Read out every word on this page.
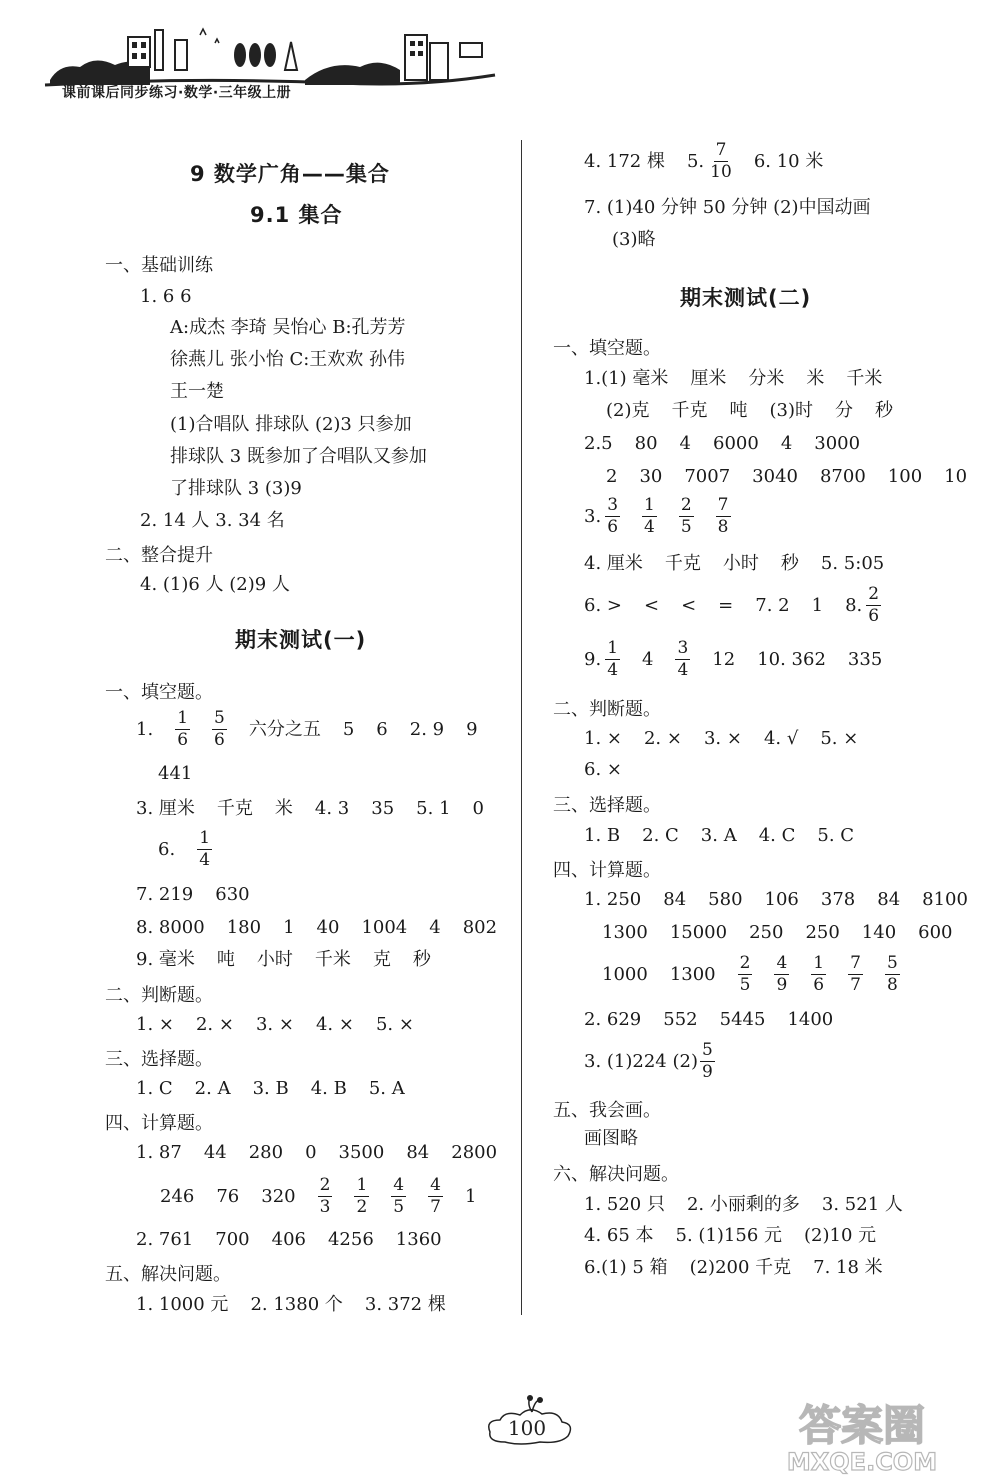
课前课后同步练习·数学·三年级上册
9 数学广角——集合
9.1 集合
一、基础训练
1. 6 6
A:成杰 李琦 吴怡心 B:孔芳芳
徐燕儿 张小怡 C:王欢欢 孙伟
王一楚
(1)合唱队 排球队 (2)3 只参加
排球队 3 既参加了合唱队又参加
了排球队 3 (3)9
2. 14 人 3. 34 名
二、整合提升
4. (1)6 人 (2)9 人
期末测试(一)
一、填空题。
1. $\frac{1}{6} \frac{5}{6}$ 六分之五 5 6 2. 9 9
441
3. 厘米 千克 米 4. 3 35 5. 1 0
6. $\frac{1}{4}$
7. 219 630
8. 8000 180 1 40 1004 4 802
9. 毫米 吨 小时 千米 克 秒
二、判断题。
1. × 2. × 3. × 4. × 5. ×
三、选择题。
1. C 2. A 3. B 4. B 5. A
四、计算题。
1. 87 44 280 0 3500 84 2800
246 76 $320 \frac{2}{3} \frac{1}{2} \frac{4}{5} \frac{4}{7} 1$
2. 761 700 406 4256 1360
五、解决问题。
1. 1000 元 2. 1380 个 3. 372 棵
4. 172 棵 5. $\frac{7}{10} 6$. 10 米
7. (1)40 分钟 50 分钟 (2)中国动画
(3)略
期末测试(二)
一、填空题。
1.(1) 毫米 厘米 分米 米 千米
(2)克 千克 吨 (3)时 分 秒
2.5 80 4 6000 4 3000
2 30 7007 3040 8700 100 10
3. $\frac{3}{6} \frac{1}{4} \frac{2}{5} \frac{7}{8}$
4. 厘米 千克 小时 秒 5. 5:05
6. > < < = 7. 2 1 8. $\frac{2}{6}$
9. $\frac{1}{4} 4 \frac{3}{4} 12$ 10. 362 335
二、判断题。
1. × 2. × 3. × 4. √ 5. ×
6. ×
三、选择题。
1. B 2. C 3. A 4. C 5. C
四、计算题。
1. 250 84 580 106 378 84 8100
1300 15000 250 250 140 600
1000 $1300 \frac{2}{5} \frac{4}{9} \frac{1}{6} \frac{7}{7} \frac{5}{8}$
2. 629 552 5445 1400
3. (1)224 $(2) \frac{5}{9}$
五、我会画。
画图略
六、解决问题。
1. 520 只 2. 小丽剩的多 3. 521 人
4. 65 本 5. (1)156 元 (2)10 元
6.(1) 5 箱 (2)200 千克 7. 18 米
100	答案圈
MXQE.COM
